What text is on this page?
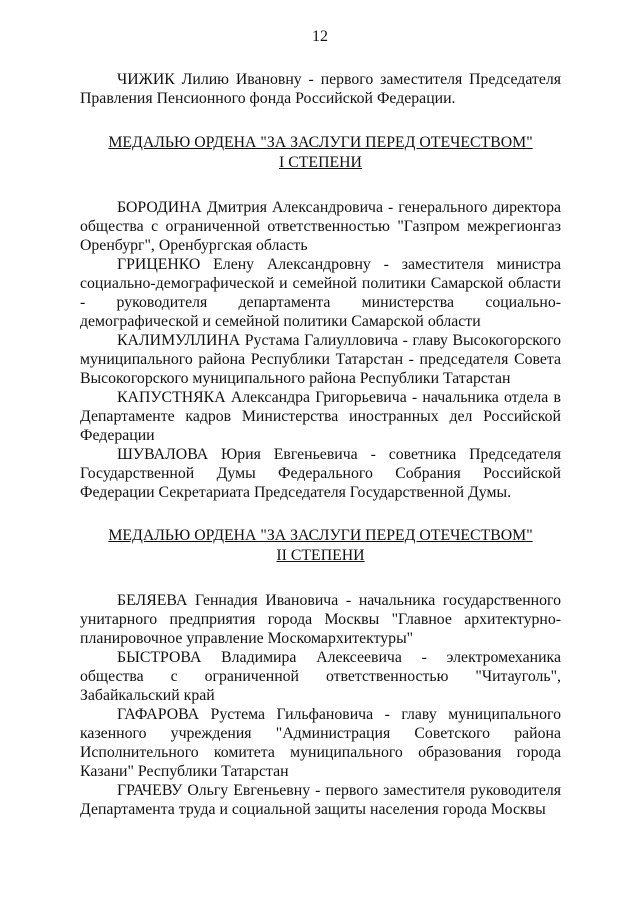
12

ЧИЖИК Лилию Ивановну - первого заместителя Председателя Правления Пенсионного фонда Российской Федерации.

МЕДАЛЬЮ ОРДЕНА "ЗА ЗАСЛУГИ ПЕРЕД ОТЕЧЕСТВОМ"

I СТЕПЕНИ

БОРОДИНА Дмитрия Александровича - генерального директора общества с ограниченной ответственностью "Газпром межрегионгаз Оренбург", Оренбургская область

ГРИЦЕНКО Елену Александровну - заместителя министра социально-демографической и семейной политики Самарской области - руководителя департамента министерства социально-демографической и семейной политики Самарской области

КАЛИМУЛЛИНА Рустама Галиулловича - главу Высокогорского муниципального района Республики Татарстан - председателя Совета Высокогорского муниципального района Республики Татарстан

КАПУСТНЯКА Александра Григорьевича - начальника отдела в Департаменте кадров Министерства иностранных дел Российской Федерации

ШУВАЛОВА Юрия Евгеньевича - советника Председателя Государственной Думы Федерального Собрания Российской Федерации Секретариата Председателя Государственной Думы.

МЕДАЛЬЮ ОРДЕНА "ЗА ЗАСЛУГИ ПЕРЕД ОТЕЧЕСТВОМ"

II СТЕПЕНИ

БЕЛЯЕВА Геннадия Ивановича - начальника государственного унитарного предприятия города Москвы "Главное архитектурно-планировочное управление Москомархитектуры"

БЫСТРОВА Владимира Алексеевича - электромеханика общества с ограниченной ответственностью "Читауголь", Забайкальский край

ГАФАРОВА Рустема Гильфановича - главу муниципального казенного учреждения "Администрация Советского района Исполнительного комитета муниципального образования города Казани" Республики Татарстан

ГРАЧЕВУ Ольгу Евгеньевну - первого заместителя руководителя Департамента труда и социальной защиты населения города Москвы
